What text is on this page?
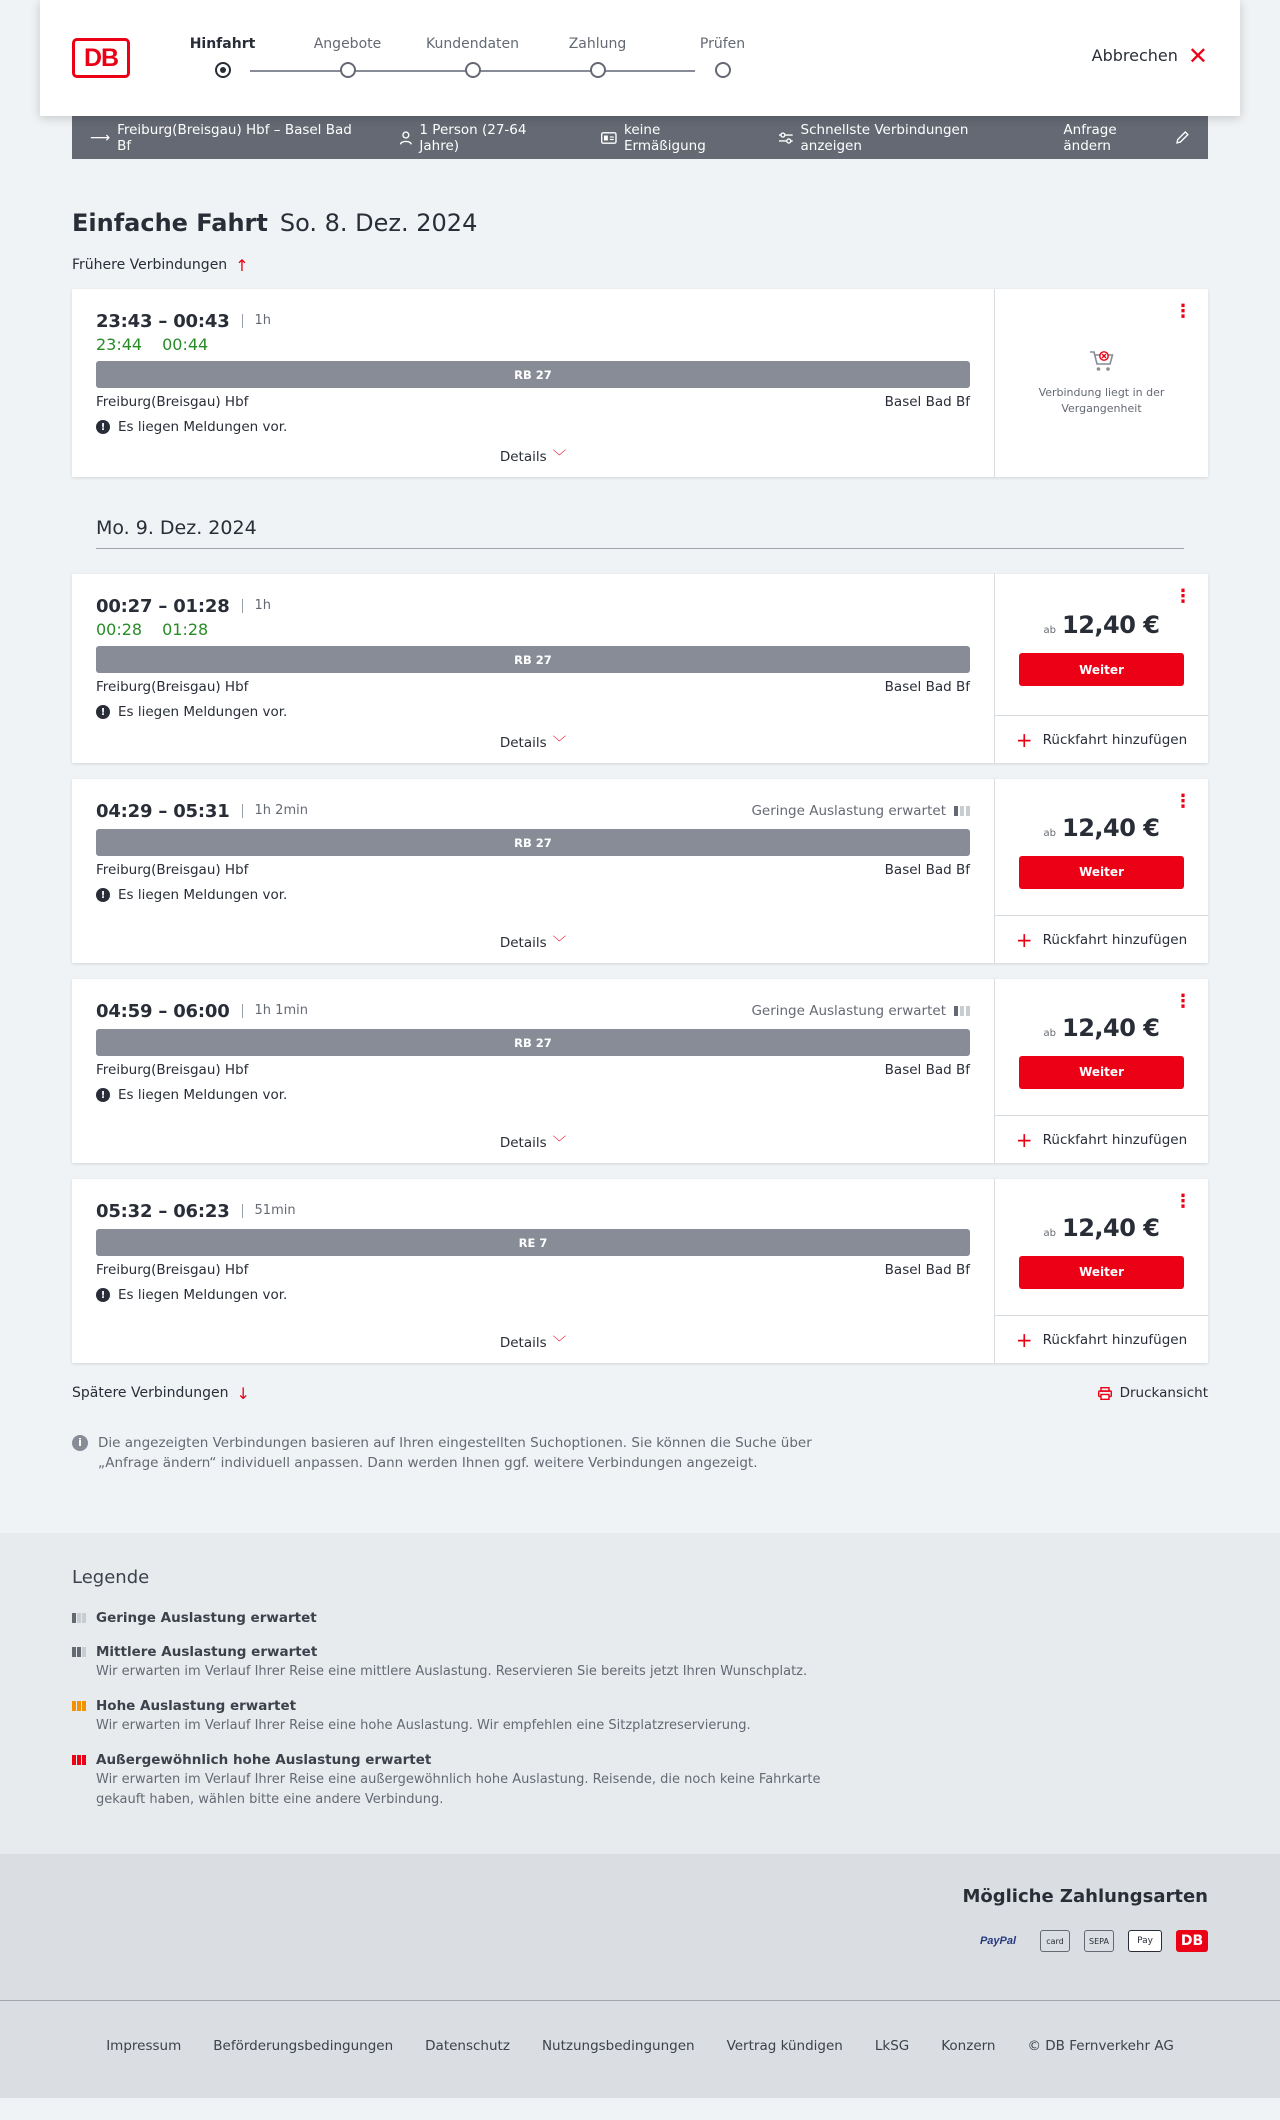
DB	Hinfahrt	Angebote	Kundendaten	Zahlung	Prüfen
Abbrechen ✕
⟶ Freiburg(Breisgau) Hbf – Basel Bad Bf
1 Person (27-64 Jahre)
keine Ermäßigung
Schnellste Verbindungen anzeigen
Anfrage ändern
Einfache Fahrt So. 8. Dez. 2024
Frühere Verbindungen ↑
23:43 – 00:43	1h
23:44 00:44
RB 27
Freiburg(Breisgau) Hbf	Basel Bad Bf
! Es liegen Meldungen vor.
Details ﹀
⋮
Verbindung liegt in der Vergangenheit
Mo. 9. Dez. 2024
00:27 – 01:28	1h
00:28 01:28
RB 27
Freiburg(Breisgau) Hbf	Basel Bad Bf
! Es liegen Meldungen vor.
Details ﹀
⋮
ab 12,40 €
Weiter
+ Rückfahrt hinzufügen
04:29 – 05:31	1h 2min	Geringe Auslastung erwartet
RB 27
Freiburg(Breisgau) Hbf	Basel Bad Bf
! Es liegen Meldungen vor.
Details ﹀
⋮
ab 12,40 €
Weiter
+ Rückfahrt hinzufügen
04:59 – 06:00	1h 1min	Geringe Auslastung erwartet
RB 27
Freiburg(Breisgau) Hbf	Basel Bad Bf
! Es liegen Meldungen vor.
Details ﹀
⋮
ab 12,40 €
Weiter
+ Rückfahrt hinzufügen
05:32 – 06:23	51min
RE 7
Freiburg(Breisgau) Hbf	Basel Bad Bf
! Es liegen Meldungen vor.
Details ﹀
⋮
ab 12,40 €
Weiter
+ Rückfahrt hinzufügen
Spätere Verbindungen ↓	Druckansicht
i	Die angezeigten Verbindungen basieren auf Ihren eingestellten Suchoptionen. Sie können die Suche über „Anfrage ändern“ individuell anpassen. Dann werden Ihnen ggf. weitere Verbindungen angezeigt.
Legende
Geringe Auslastung erwartet
Mittlere Auslastung erwartet
Wir erwarten im Verlauf Ihrer Reise eine mittlere Auslastung. Reservieren Sie bereits jetzt Ihren Wunschplatz.
Hohe Auslastung erwartet
Wir erwarten im Verlauf Ihrer Reise eine hohe Auslastung. Wir empfehlen eine Sitzplatzreservierung.
Außergewöhnlich hohe Auslastung erwartet
Wir erwarten im Verlauf Ihrer Reise eine außergewöhnlich hohe Auslastung. Reisende, die noch keine Fahrkarte gekauft haben, wählen bitte eine andere Verbindung.
Mögliche Zahlungsarten
PayPal	card	SEPA	Pay	DB
Impressum Beförderungsbedingungen Datenschutz Nutzungsbedingungen Vertrag kündigen LkSG Konzern © DB Fernverkehr AG
